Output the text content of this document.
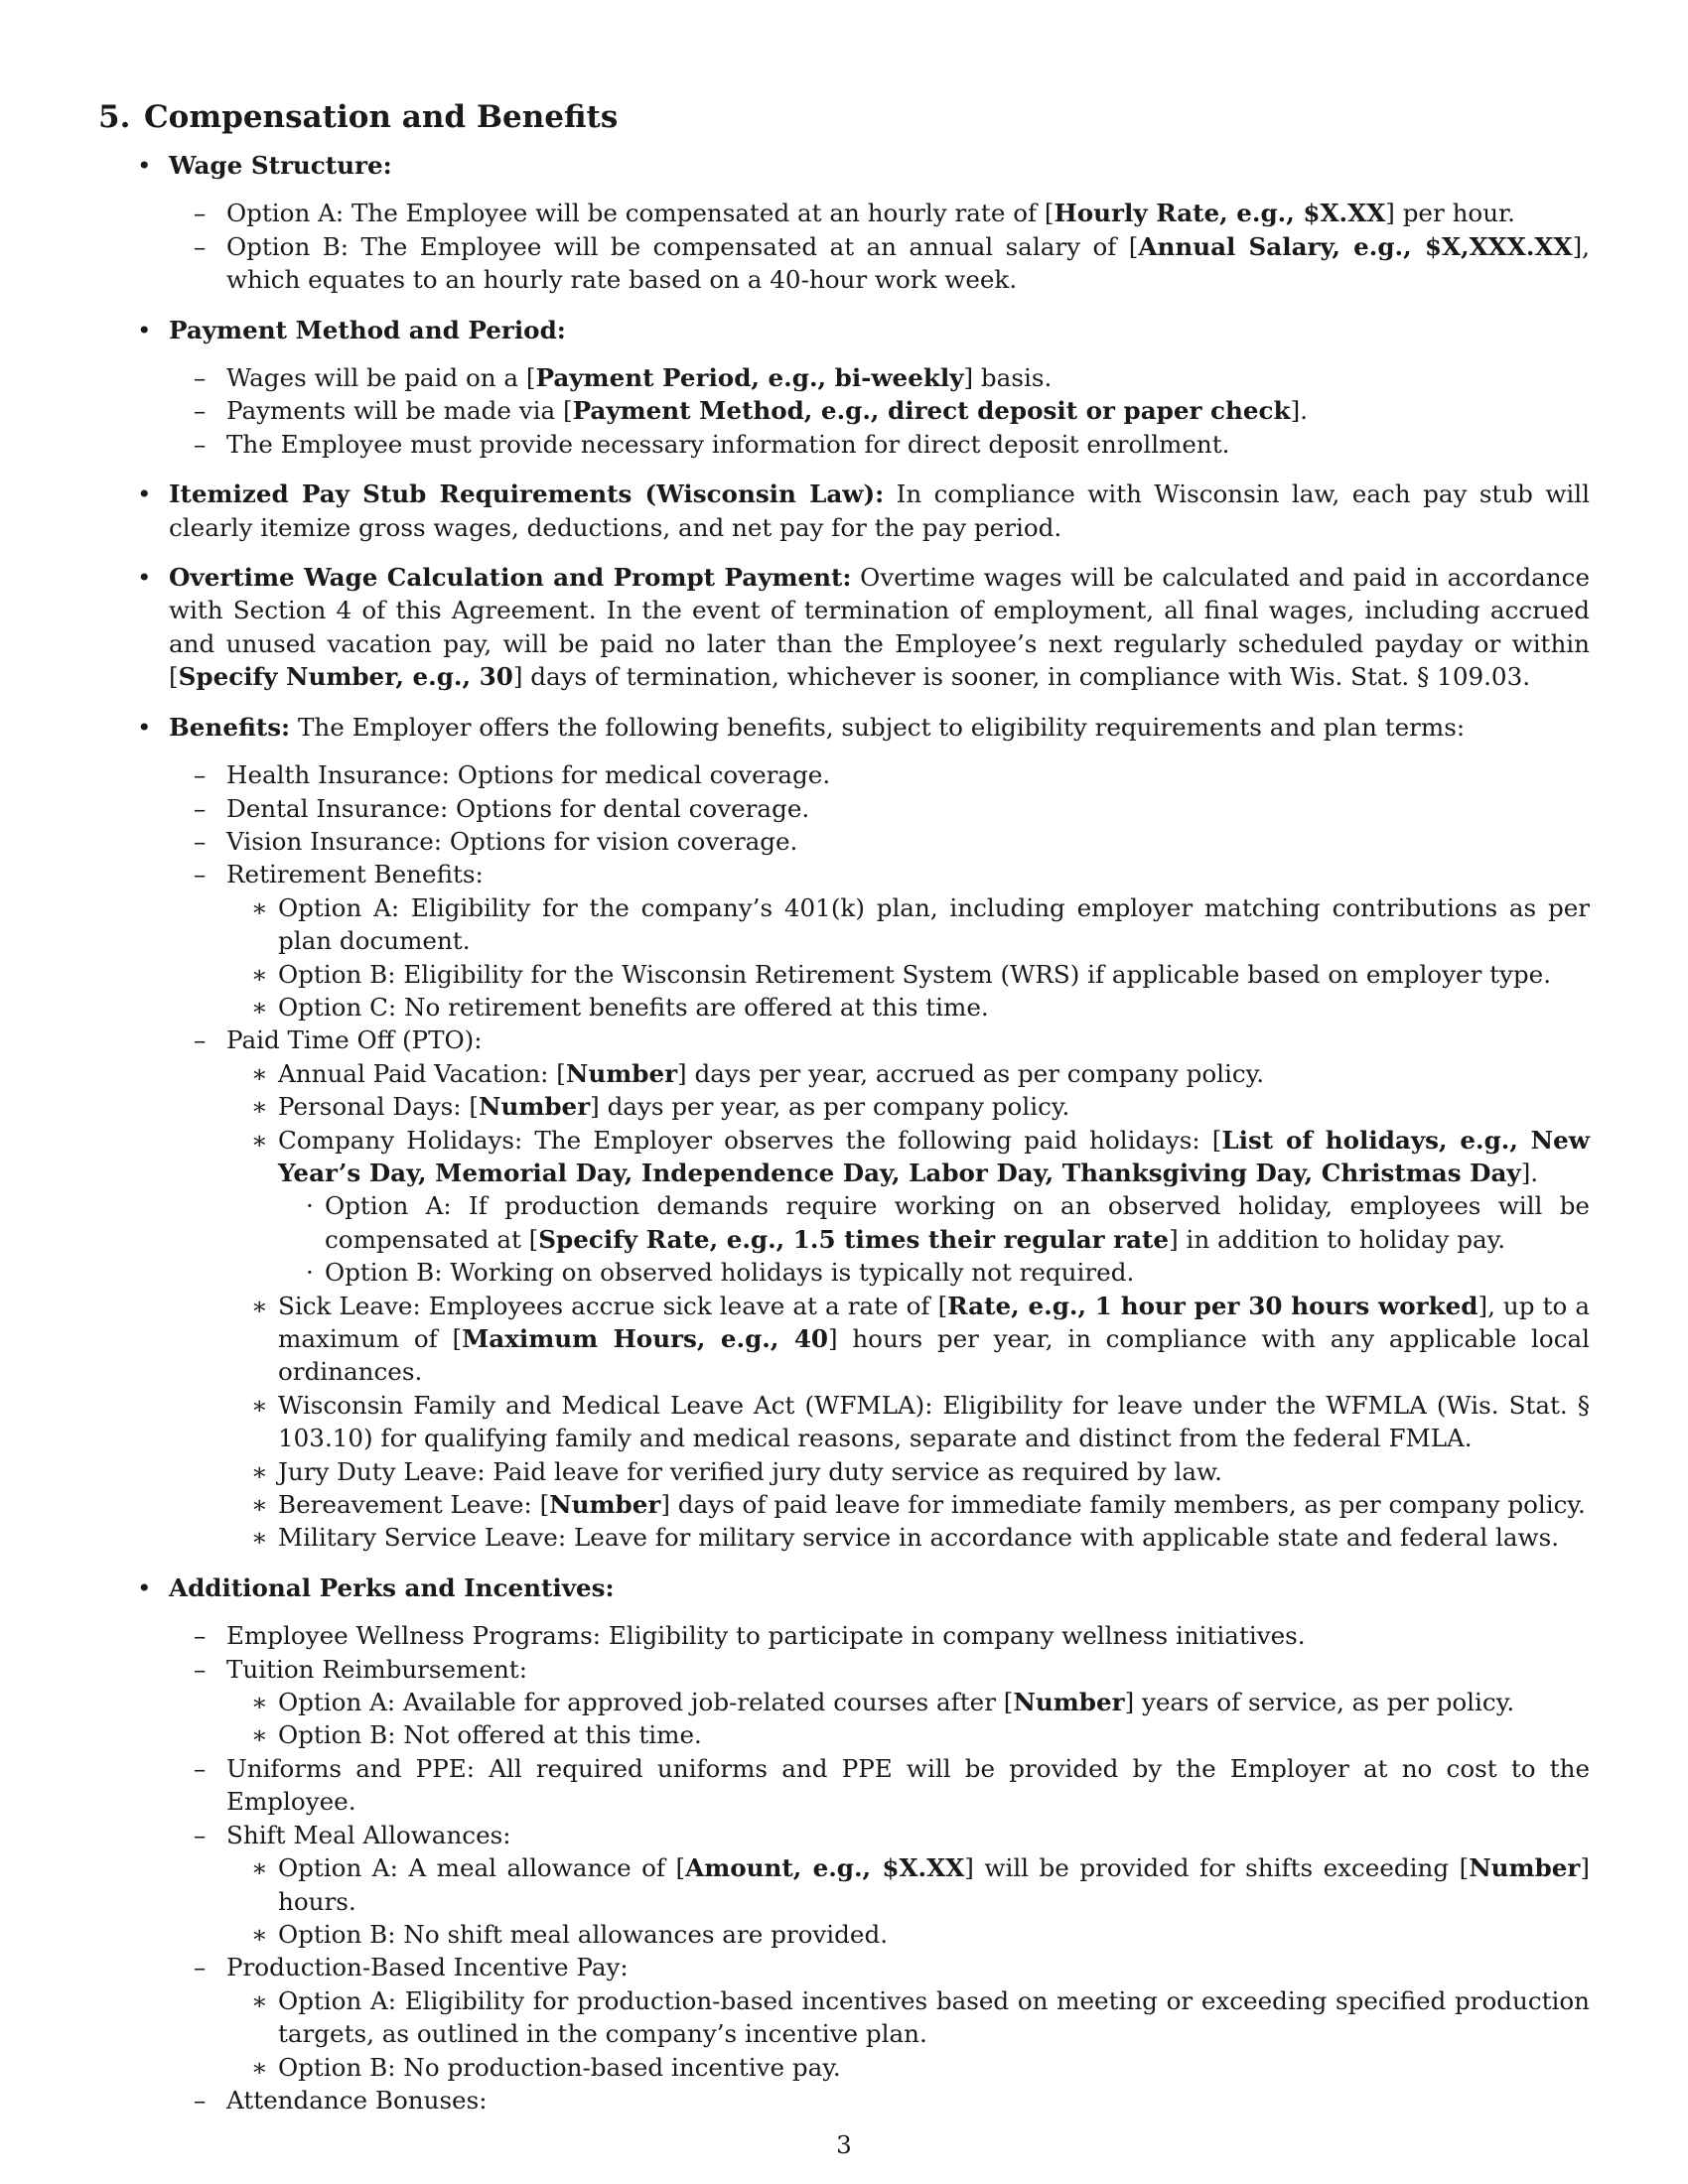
5. Compensation and Benefits
• Wage Structure:
– Option A: The Employee will be compensated at an hourly rate of [Hourly Rate, e.g., $X.XX] per hour.
– Option B: The Employee will be compensated at an annual salary of [Annual Salary, e.g., $X,XXX.XX], which equates to an hourly rate based on a 40-hour work week.
• Payment Method and Period:
– Wages will be paid on a [Payment Period, e.g., bi-weekly] basis.
– Payments will be made via [Payment Method, e.g., direct deposit or paper check].
– The Employee must provide necessary information for direct deposit enrollment.
• Itemized Pay Stub Requirements (Wisconsin Law): In compliance with Wisconsin law, each pay stub will clearly itemize gross wages, deductions, and net pay for the pay period.
• Overtime Wage Calculation and Prompt Payment: Overtime wages will be calculated and paid in accordance with Section 4 of this Agreement. In the event of termination of employment, all final wages, including accrued and unused vacation pay, will be paid no later than the Employee’s next regularly scheduled payday or within [Specify Number, e.g., 30] days of termination, whichever is sooner, in compliance with Wis. Stat. § 109.03.
• Benefits: The Employer offers the following benefits, subject to eligibility requirements and plan terms:
– Health Insurance: Options for medical coverage.
– Dental Insurance: Options for dental coverage.
– Vision Insurance: Options for vision coverage.
– Retirement Benefits:
∗ Option A: Eligibility for the company’s 401(k) plan, including employer matching contributions as per plan document.
∗ Option B: Eligibility for the Wisconsin Retirement System (WRS) if applicable based on employer type.
∗ Option C: No retirement benefits are offered at this time.
– Paid Time Off (PTO):
∗ Annual Paid Vacation: [Number] days per year, accrued as per company policy.
∗ Personal Days: [Number] days per year, as per company policy.
∗ Company Holidays: The Employer observes the following paid holidays: [List of holidays, e.g., New Year’s Day, Memorial Day, Independence Day, Labor Day, Thanksgiving Day, Christmas Day].
· Option A: If production demands require working on an observed holiday, employees will be compensated at [Specify Rate, e.g., 1.5 times their regular rate] in addition to holiday pay.
· Option B: Working on observed holidays is typically not required.
∗ Sick Leave: Employees accrue sick leave at a rate of [Rate, e.g., 1 hour per 30 hours worked], up to a maximum of [Maximum Hours, e.g., 40] hours per year, in compliance with any applicable local ordinances.
∗ Wisconsin Family and Medical Leave Act (WFMLA): Eligibility for leave under the WFMLA (Wis. Stat. § 103.10) for qualifying family and medical reasons, separate and distinct from the federal FMLA.
∗ Jury Duty Leave: Paid leave for verified jury duty service as required by law.
∗ Bereavement Leave: [Number] days of paid leave for immediate family members, as per company policy.
∗ Military Service Leave: Leave for military service in accordance with applicable state and federal laws.
• Additional Perks and Incentives:
– Employee Wellness Programs: Eligibility to participate in company wellness initiatives.
– Tuition Reimbursement:
∗ Option A: Available for approved job-related courses after [Number] years of service, as per policy.
∗ Option B: Not offered at this time.
– Uniforms and PPE: All required uniforms and PPE will be provided by the Employer at no cost to the Employee.
– Shift Meal Allowances:
∗ Option A: A meal allowance of [Amount, e.g., $X.XX] will be provided for shifts exceeding [Number] hours.
∗ Option B: No shift meal allowances are provided.
– Production-Based Incentive Pay:
∗ Option A: Eligibility for production-based incentives based on meeting or exceeding specified production targets, as outlined in the company’s incentive plan.
∗ Option B: No production-based incentive pay.
– Attendance Bonuses:
3
